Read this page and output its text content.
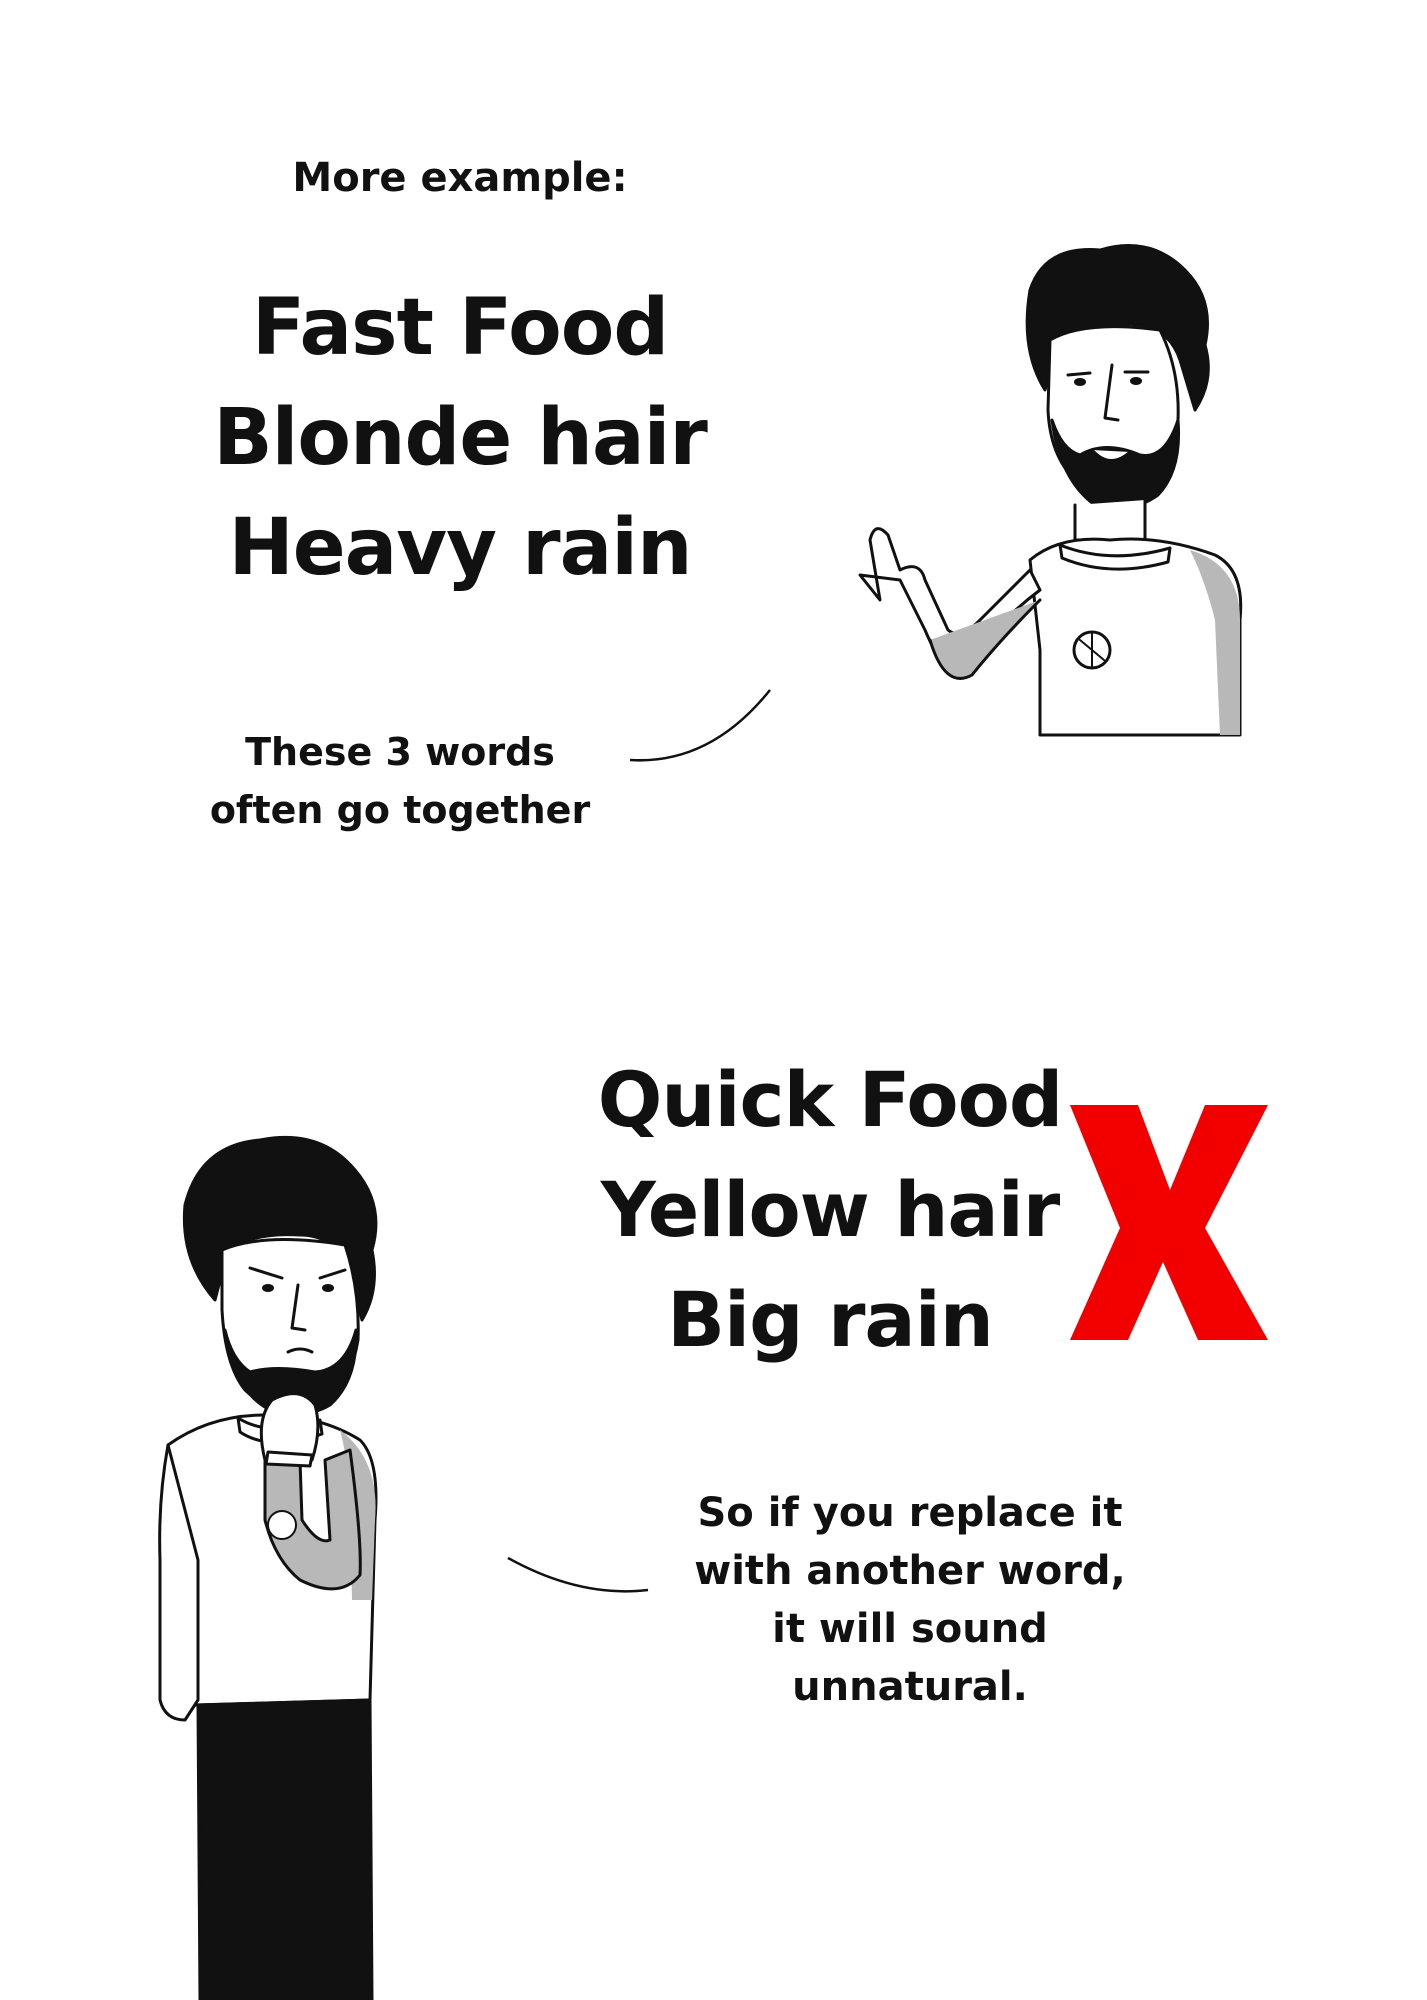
More example:
Fast Food
Blonde hair
Heavy rain
These 3 words
often go together
Quick Food
Yellow hair
Big rain
So if you replace it
with another word,
it will sound
unnatural.
